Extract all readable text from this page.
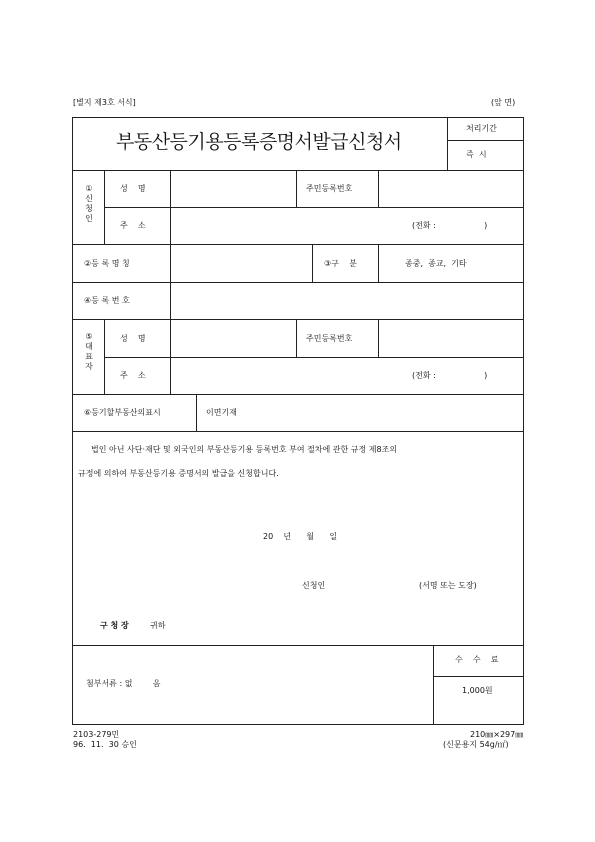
[별지 제3호 서식]	(앞 면)
부동산등기용등록증명서발급신청서
처리기간
즉  시
①
신
청
인
성    명	주민등록번호
주    소	(전화 :                   )
②등 록 명 칭	③구    분	종중,  종교,  기타
④등 록 번 호
⑤
대
표
자
성    명	주민등록번호
주    소	(전화 :                   )
⑥등기할부동산의표시	이면기재
법인 아닌 사단·재단 및 외국인의 부동산등기용 등록번호 부여 절차에 관한 규정 제8조의
규정에 의하여 부동산등기용 증명서의 발급을 신청합니다.
20    년      월      일
신청인	(서명 또는 도장)
구 청 장	귀하
첨부서류 : 없        음
수    수    료
1,000원
2103-279민
96.  11.  30 승인
210㎜×297㎜
(신문용지 54g/㎡)
